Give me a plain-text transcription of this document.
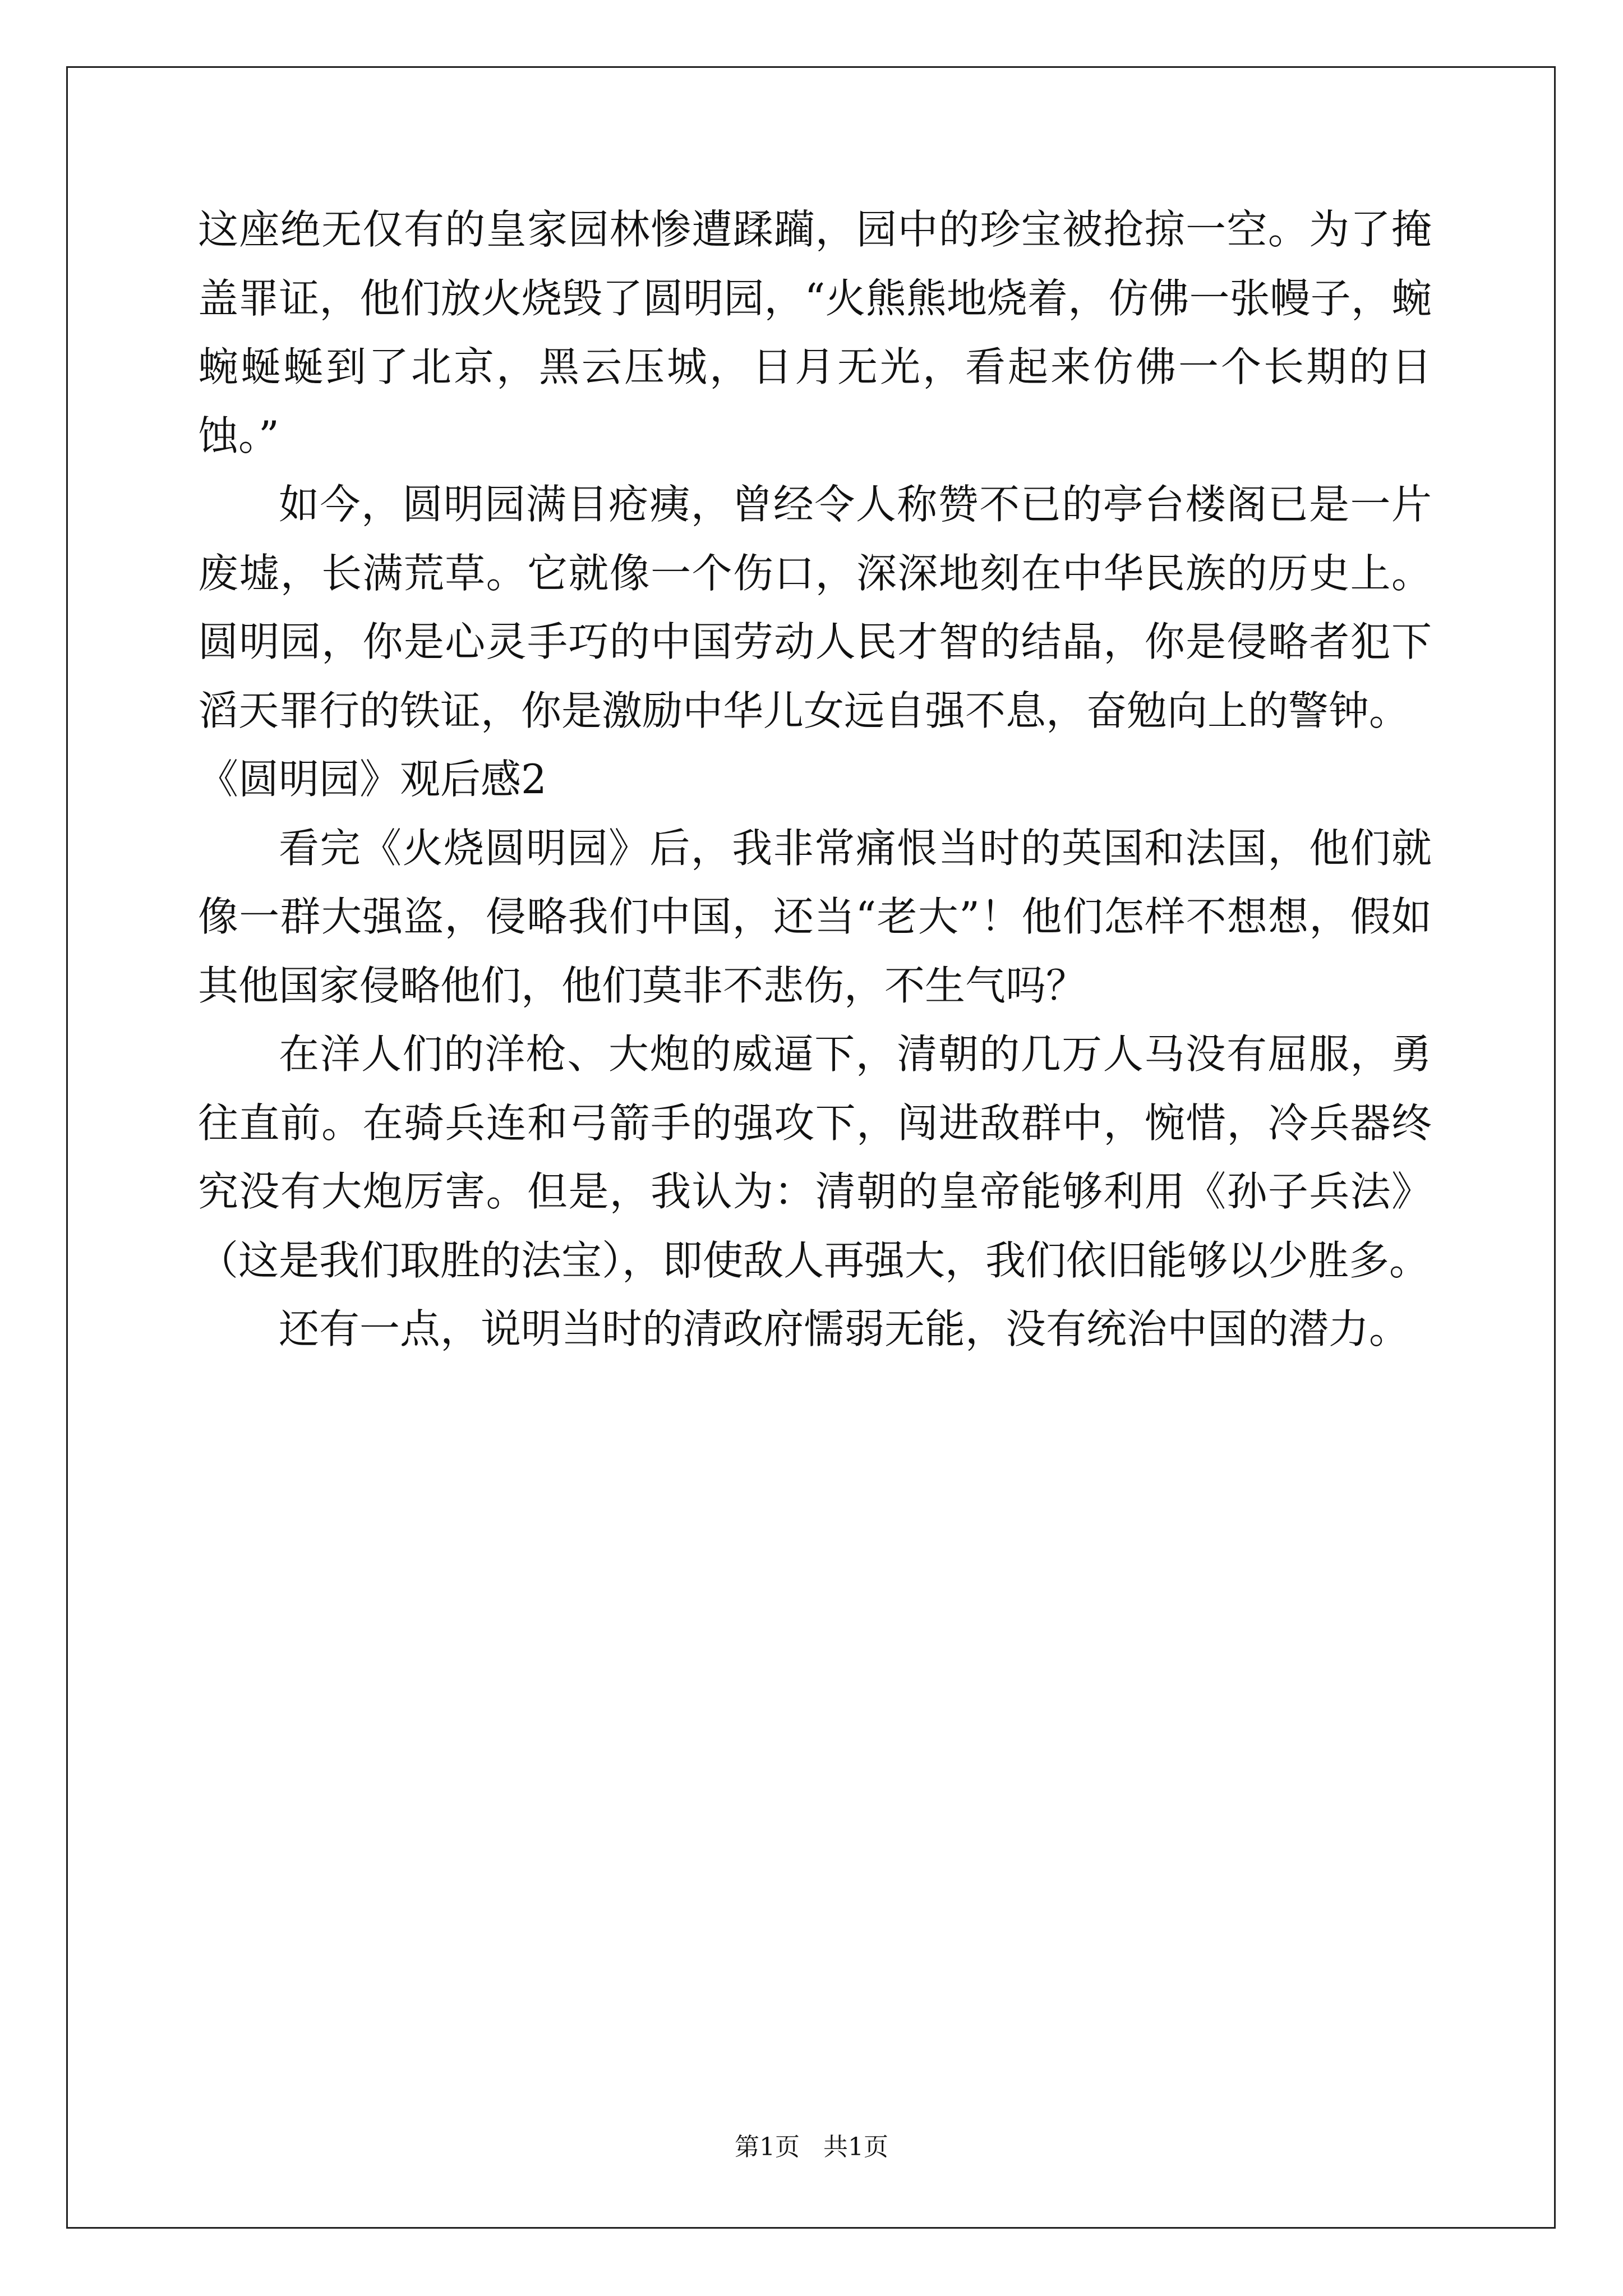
这座绝无仅有的皇家园林惨遭蹂躏，园中的珍宝被抢掠一空。为了掩盖罪证，他们放火烧毁了圆明园，“火熊熊地烧着，仿佛一张幔子，蜿蜿蜒蜒到了北京，黑云压城，日月无光，看起来仿佛一个长期的日蚀。”

如今，圆明园满目疮痍，曾经令人称赞不已的亭台楼阁已是一片废墟，长满荒草。它就像一个伤口，深深地刻在中华民族的历史上。圆明园，你是心灵手巧的中国劳动人民才智的结晶，你是侵略者犯下滔天罪行的铁证，你是激励中华儿女远自强不息，奋勉向上的警钟。

《圆明园》观后感2

看完《火烧圆明园》后，我非常痛恨当时的英国和法国，他们就像一群大强盗，侵略我们中国，还当“老大”！他们怎样不想想，假如其他国家侵略他们，他们莫非不悲伤，不生气吗？

在洋人们的洋枪、大炮的威逼下，清朝的几万人马没有屈服，勇往直前。在骑兵连和弓箭手的强攻下，闯进敌群中，惋惜，冷兵器终究没有大炮厉害。但是，我认为：清朝的皇帝能够利用《孙子兵法》（这是我们取胜的法宝），即使敌人再强大，我们依旧能够以少胜多。

还有一点，说明当时的清政府懦弱无能，没有统治中国的潜力。

第1页 共1页
